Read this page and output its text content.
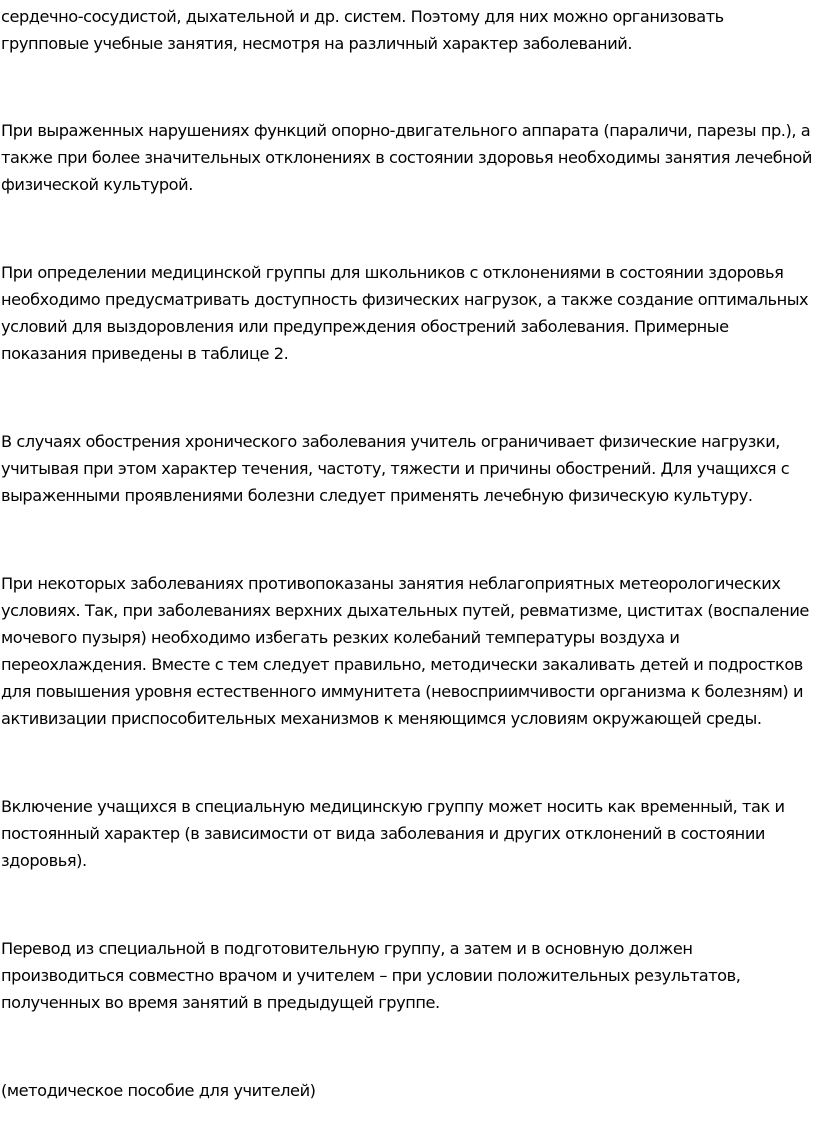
сердечно-сосудистой, дыхательной и др. систем. Поэтому для них можно организовать групповые учебные занятия, несмотря на различный характер заболеваний.

При выраженных нарушениях функций опорно-двигательного аппарата (параличи, парезы пр.), а также при более значительных отклонениях в состоянии здоровья необходимы занятия лечебной физической культурой.

При определении медицинской группы для школьников с отклонениями в состоянии здоровья необходимо предусматривать доступность физических нагрузок, а также создание оптимальных условий для выздоровления или предупреждения обострений заболевания. Примерные показания приведены в таблице 2.

В случаях обострения хронического заболевания учитель ограничивает физические нагрузки, учитывая при этом характер течения, частоту, тяжести и причины обострений. Для учащихся с выраженными проявлениями болезни следует применять лечебную физическую культуру.

При некоторых заболеваниях противопоказаны занятия неблагоприятных метеорологических условиях. Так, при заболеваниях верхних дыхательных путей, ревматизме, циститах (воспаление мочевого пузыря) необходимо избегать резких колебаний температуры воздуха и переохлаждения. Вместе с тем следует правильно, методически закаливать детей и подростков для повышения уровня естественного иммунитета (невосприимчивости организма к болезням) и активизации приспособительных механизмов к меняющимся условиям окружающей среды.

Включение учащихся в специальную медицинскую группу может носить как временный, так и постоянный характер (в зависимости от вида заболевания и других отклонений в состоянии здоровья).

Перевод из специальной в подготовительную группу, а затем и в основную должен производиться совместно врачом и учителем – при условии положительных результатов, полученных во время занятий в предыдущей группе.

(методическое пособие для учителей)
